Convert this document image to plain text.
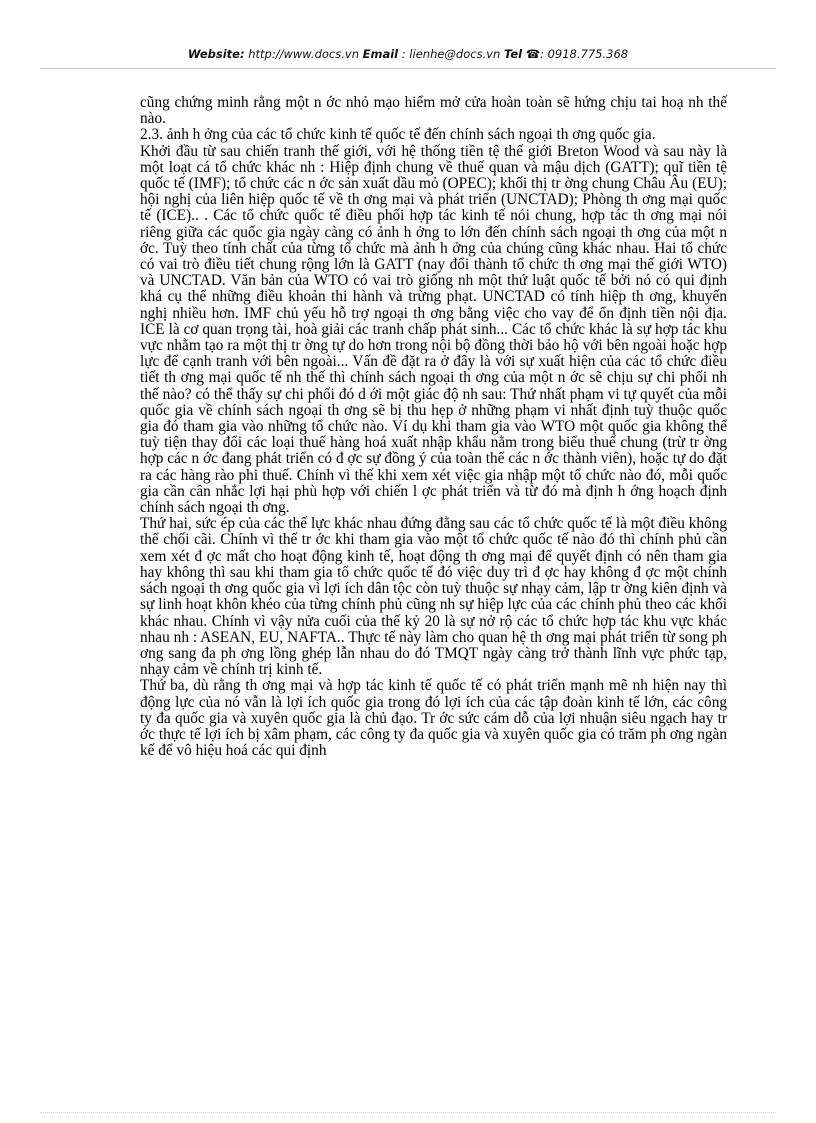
Website: http://www.docs.vn Email : lienhe@docs.vn Tel ☎: 0918.775.368

cũng chứng minh rằng một n ớc nhỏ mạo hiểm mở cửa hoàn toàn sẽ hứng chịu tai hoạ nh thế nào.

2.3. ảnh h ởng của các tổ chức kinh tế quốc tế đến chính sách ngoại th ơng quốc gia.

Khởi đầu từ sau chiến tranh thế giới, với hệ thống tiền tệ thế giới Breton Wood và sau này là một loạt cá tổ chức khác nh : Hiệp định chung về thuế quan và mậu dịch (GATT); quĩ tiền tệ quốc tế (IMF); tổ chức các n ớc sản xuất dầu mỏ (OPEC); khối thị tr ờng chung Châu Âu (EU); hội nghị của liên hiệp quốc tế về th ơng mại và phát triển (UNCTAD); Phòng th ơng mại quốc tế (ICE).. . Các tổ chức quốc tế điều phối hợp tác kinh tế nói chung, hợp tác th ơng mại nói riêng giữa các quốc gia ngày càng có ảnh h ởng to lớn đến chính sách ngoại th ơng của một n ớc. Tuỳ theo tính chất của từng tổ chức mà ảnh h ởng của chúng cũng khác nhau. Hai tổ chức có vai trò điều tiết chung rộng lớn là GATT (nay đổi thành tổ chức th ơng mại thế giới WTO) và UNCTAD. Văn bản của WTO có vai trò giống nh một thứ luật quốc tế bởi nó có qui định khá cụ thể những điều khoản thi hành và trừng phạt. UNCTAD có tính hiệp th ơng, khuyến nghị nhiều hơn. IMF chủ yếu hỗ trợ ngoại th ơng bằng việc cho vay để ổn định tiền nội địa. ICE là cơ quan trọng tài, hoà giải các tranh chấp phát sinh... Các tổ chức khác là sự hợp tác khu vực nhằm tạo ra một thị tr ờng tự do hơn trong nội bộ đồng thời bảo hộ với bên ngoài hoặc hợp lực để cạnh tranh với bên ngoài... Vấn đề đặt ra ở đây là với sự xuất hiện của các tổ chức điều tiết th ơng mại quốc tế nh thế thì chính sách ngoại th ơng của một n ớc sẽ chịu sự chi phối nh thế nào? có thể thấy sự chi phối đó d ới một giác độ nh sau: Thứ nhất phạm vi tự quyết của mỗi quốc gia về chính sách ngoại th ơng sẽ bị thu hẹp ở những phạm vi nhất định tuỳ thuộc quốc gia đó tham gia vào những tổ chức nào. Ví dụ khi tham gia vào WTO một quốc gia không thể tuỳ tiện thay đổi các loại thuế hàng hoá xuất nhập khẩu nằm trong biểu thuế chung (trừ tr ờng hợp các n ớc đang phát triển có đ ợc sự đồng ý của toàn thể các n ớc thành viên), hoặc tự do đặt ra các hàng rào phi thuế. Chính vì thế khi xem xét việc gia nhập một tổ chức nào đó, mỗi quốc gia cần cân nhắc lợi hại phù hợp với chiến l ợc phát triển và từ đó mà định h ớng hoạch định chính sách ngoại th ơng.

Thứ hai, sức ép của các thế lực khác nhau đứng đằng sau các tổ chức quốc tế là một điều không thể chối cãi. Chính vì thế tr ớc khi tham gia vào một tổ chức quốc tế nào đó thì chính phủ cần xem xét đ ợc mất cho hoạt động kinh tế, hoạt động th ơng mại để quyết định có nên tham gia hay không thì sau khi tham gia tổ chức quốc tế đó việc duy trì đ ợc hay không đ ợc một chính sách ngoại th ơng quốc gia vì lợi ích dân tộc còn tuỳ thuộc sự nhạy cảm, lập tr ờng kiên định và sự linh hoạt khôn khéo của từng chính phủ cũng nh sự hiệp lực của các chính phủ theo các khối khác nhau. Chính vì vậy nửa cuối của thế kỷ 20 là sự nở rộ các tổ chức hợp tác khu vực khác nhau nh : ASEAN, EU, NAFTA.. Thực tế này làm cho quan hệ th ơng mại phát triển từ song ph ơng sang đa ph ơng lồng ghép lẫn nhau do đó TMQT ngày càng trở thành lĩnh vực phức tạp, nhạy cảm về chính trị kinh tế.

Thứ ba, dù rằng th ơng mại và hợp tác kinh tế quốc tế có phát triển mạnh mẽ nh hiện nay thì động lực của nó vẫn là lợi ích quốc gia trong đó lợi ích của các tập đoàn kinh tế lớn, các công ty đa quốc gia và xuyên quốc gia là chủ đạo. Tr ớc sức cám dỗ của lợi nhuận siêu ngạch hay tr ớc thực tế lợi ích bị xâm phạm, các công ty đa quốc gia và xuyên quốc gia có trăm ph ơng ngàn kế để vô hiệu hoá các qui định
